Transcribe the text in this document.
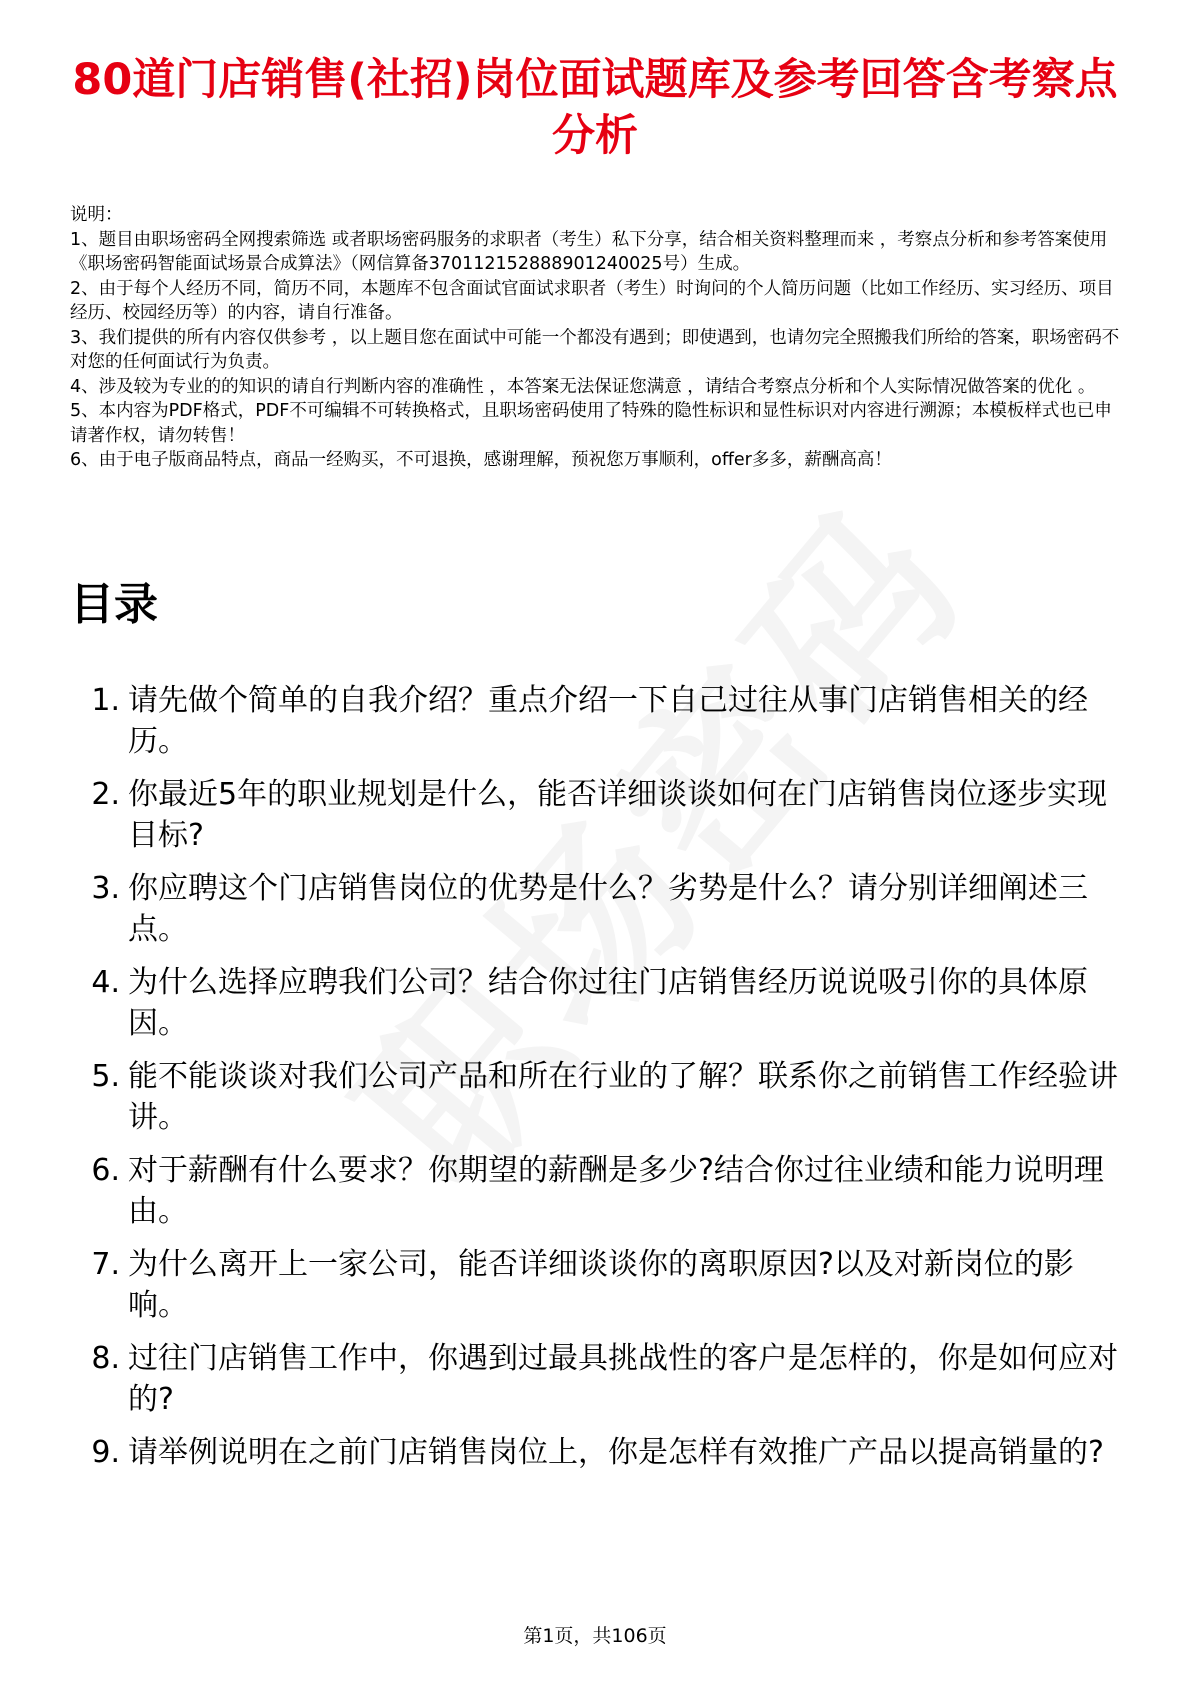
80道门店销售(社招)岗位面试题库及参考回答含考察点分析

说明：

1、题目由职场密码全网搜索筛选 或者职场密码服务的求职者（考生）私下分享，结合相关资料整理而来 ，考察点分析和参考答案使用《职场密码智能面试场景合成算法》（网信算备370112152888901240025号）生成。

2、由于每个人经历不同，简历不同，本题库不包含面试官面试求职者（考生）时询问的个人简历问题（比如工作经历、实习经历、项目经历、校园经历等）的内容，请自行准备。

3、我们提供的所有内容仅供参考 ，以上题目您在面试中可能一个都没有遇到；即使遇到，也请勿完全照搬我们所给的答案，职场密码不对您的任何面试行为负责。

4、涉及较为专业的的知识的请自行判断内容的准确性 ，本答案无法保证您满意 ，请结合考察点分析和个人实际情况做答案的优化 。

5、本内容为PDF格式，PDF不可编辑不可转换格式，且职场密码使用了特殊的隐性标识和显性标识对内容进行溯源；本模板样式也已申请著作权，请勿转售！

6、由于电子版商品特点，商品一经购买，不可退换，感谢理解，预祝您万事顺利，offer多多，薪酬高高！

目录
1. 请先做个简单的自我介绍？重点介绍一下自己过往从事门店销售相关的经历。
2. 你最近5年的职业规划是什么，能否详细谈谈如何在门店销售岗位逐步实现目标?
3. 你应聘这个门店销售岗位的优势是什么？劣势是什么？请分别详细阐述三点。
4. 为什么选择应聘我们公司？结合你过往门店销售经历说说吸引你的具体原因。
5. 能不能谈谈对我们公司产品和所在行业的了解？联系你之前销售工作经验讲讲。
6. 对于薪酬有什么要求？你期望的薪酬是多少?结合你过往业绩和能力说明理由。
7. 为什么离开上一家公司，能否详细谈谈你的离职原因?以及对新岗位的影响。
8. 过往门店销售工作中，你遇到过最具挑战性的客户是怎样的，你是如何应对的?
9. 请举例说明在之前门店销售岗位上，你是怎样有效推广产品以提高销量的?
第1页，共106页
